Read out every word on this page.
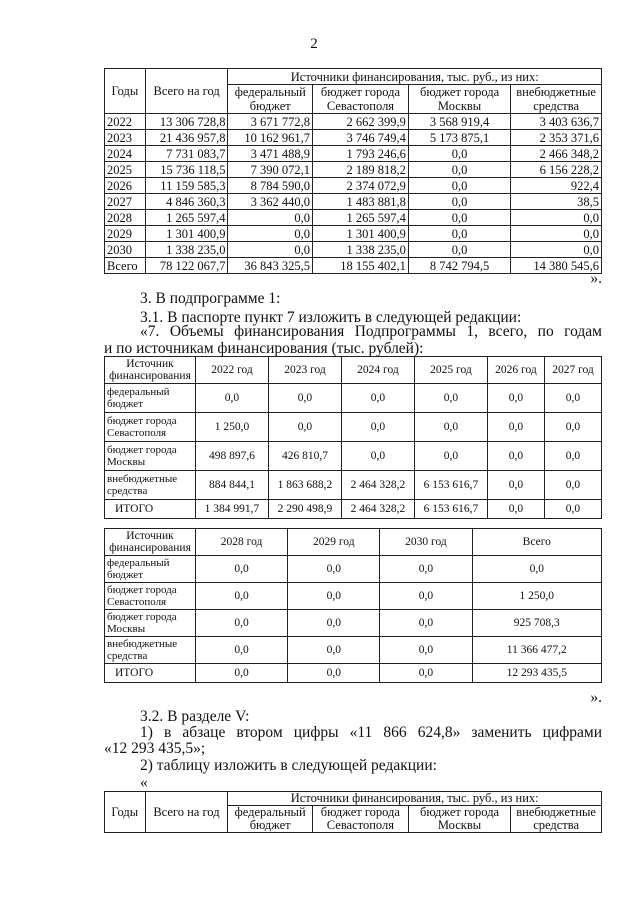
2
Годы	Всего на год	Источники финансирования, тыс. руб., из них:			
		федеральный бюджет	бюджет города Севастополя	бюджет города Москвы	внебюджетные средства
2022	13 306 728,8	3 671 772,8	2 662 399,9	3 568 919,4	3 403 636,7
2023	21 436 957,8	10 162 961,7	3 746 749,4	5 173 875,1	2 353 371,6
2024	7 731 083,7	3 471 488,9	1 793 246,6	0,0	2 466 348,2
2025	15 736 118,5	7 390 072,1	2 189 818,2	0,0	6 156 228,2
2026	11 159 585,3	8 784 590,0	2 374 072,9	0,0	922,4
2027	4 846 360,3	3 362 440,0	1 483 881,8	0,0	38,5
2028	1 265 597,4	0,0	1 265 597,4	0,0	0,0
2029	1 301 400,9	0,0	1 301 400,9	0,0	0,0
2030	1 338 235,0	0,0	1 338 235,0	0,0	0,0
Всего	78 122 067,7	36 843 325,5	18 155 402,1	8 742 794,5	14 380 545,6
».
3. В подпрограмме 1:
3.1. В паспорте пункт 7 изложить в следующей редакции:
«7. Объемы финансирования Подпрограммы 1, всего, по годам
и по источникам финансирования (тыс. рублей):
Источник финансирования	2022 год	2023 год	2024 год	2025 год	2026 год	2027 год
федеральный бюджет	0,0	0,0	0,0	0,0	0,0	0,0
бюджет города Севастополя	1 250,0	0,0	0,0	0,0	0,0	0,0
бюджет города Москвы	498 897,6	426 810,7	0,0	0,0	0,0	0,0
внебюджетные средства	884 844,1	1 863 688,2	2 464 328,2	6 153 616,7	0,0	0,0
ИТОГО	1 384 991,7	2 290 498,9	2 464 328,2	6 153 616,7	0,0	0,0
Источник финансирования	2028 год	2029 год	2030 год	Всего
федеральный бюджет	0,0	0,0	0,0	0,0
бюджет города Севастополя	0,0	0,0	0,0	1 250,0
бюджет города Москвы	0,0	0,0	0,0	925 708,3
внебюджетные средства	0,0	0,0	0,0	11 366 477,2
ИТОГО	0,0	0,0	0,0	12 293 435,5
».
3.2. В разделе V:
1) в абзаце втором цифры «11 866 624,8» заменить цифрами
«12 293 435,5»;
2) таблицу изложить в следующей редакции:
«
Годы	Всего на год	Источники финансирования, тыс. руб., из них:			
		федеральный бюджет	бюджет города Севастополя	бюджет города Москвы	внебюджетные средства
